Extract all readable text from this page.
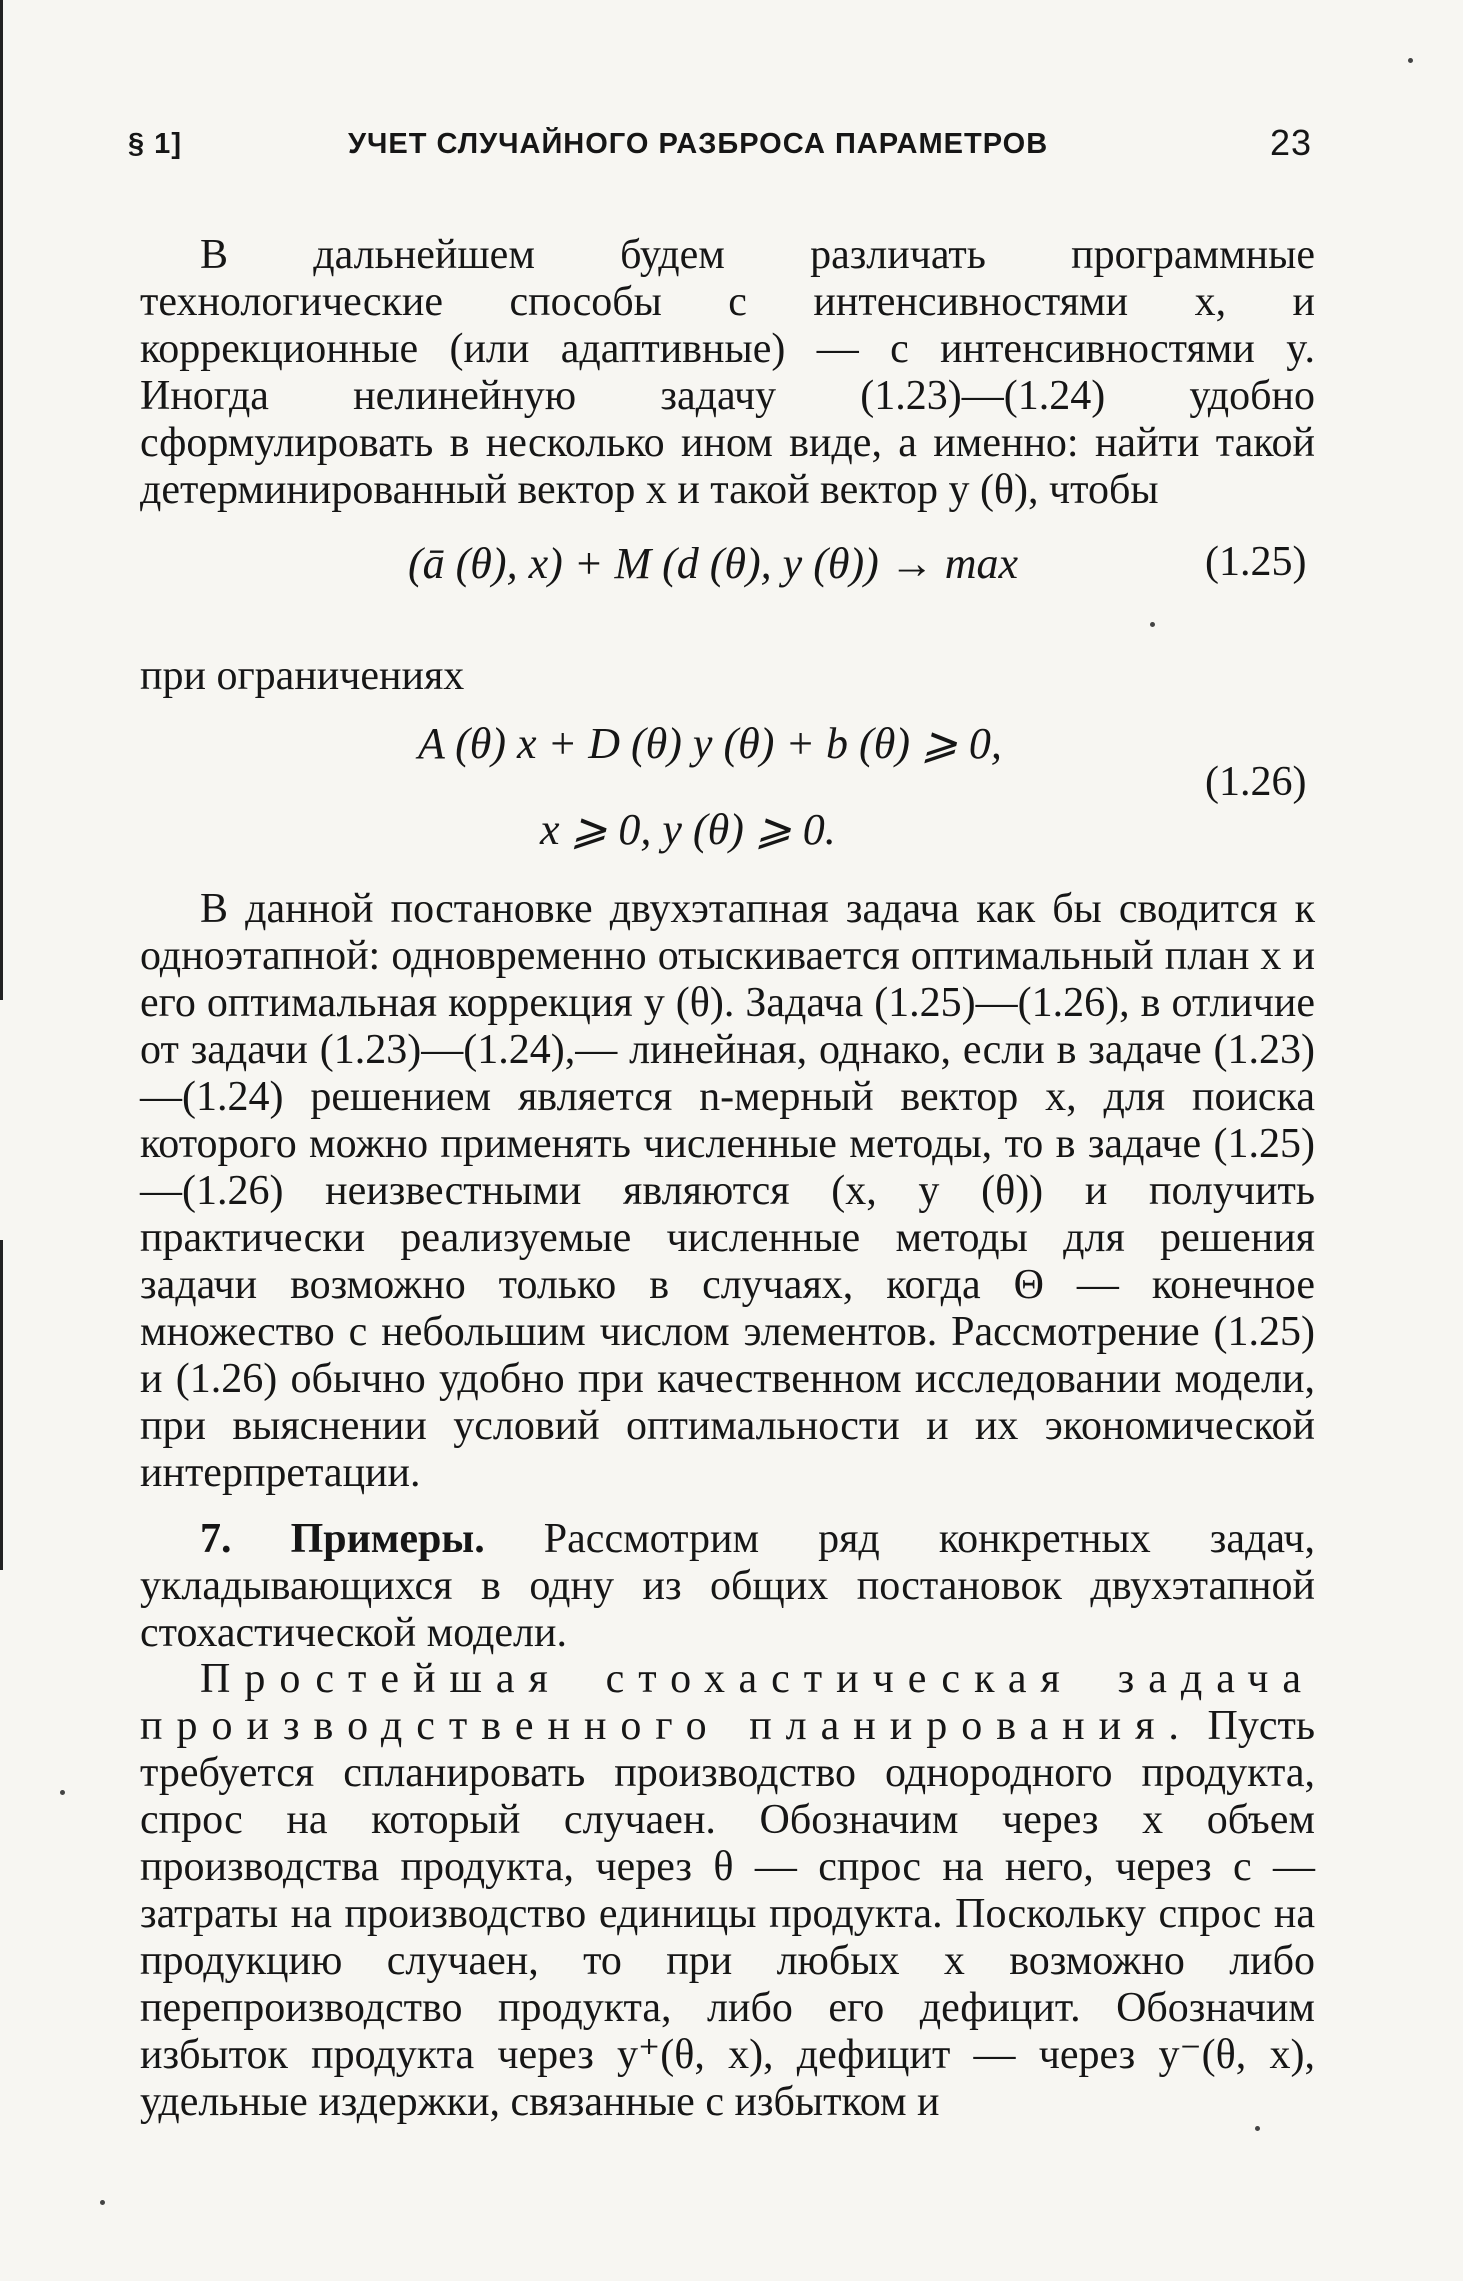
§ 1]	УЧЕТ СЛУЧАЙНОГО РАЗБРОСА ПАРАМЕТРОВ	23

В дальнейшем будем различать программные технологические способы с интенсивностями x, и коррекционные (или адаптивные) — с интенсивностями y. Иногда нелинейную задачу (1.23)—(1.24) удобно сформулировать в несколько ином виде, а именно: найти такой детерминированный вектор x и такой вектор y (θ), чтобы

(ā (θ), x) + M (d (θ), y (θ)) → max	(1.25)
при ограничениях
A (θ) x + D (θ) y (θ) + b (θ) ⩾ 0,
x ⩾ 0, y (θ) ⩾ 0.
(1.26)

В данной постановке двухэтапная задача как бы сводится к одноэтапной: одновременно отыскивается оптимальный план x и его оптимальная коррекция y (θ). Задача (1.25)—(1.26), в отличие от задачи (1.23)—(1.24),— линейная, однако, если в задаче (1.23)—(1.24) решением является n-мерный вектор x, для поиска которого можно применять численные методы, то в задаче (1.25)—(1.26) неизвестными являются (x, y (θ)) и получить практически реализуемые численные методы для решения задачи возможно только в случаях, когда Θ — конечное множество с небольшим числом элементов. Рассмотрение (1.25) и (1.26) обычно удобно при качественном исследовании модели, при выяснении условий оптимальности и их экономической интерпретации.

7. Примеры. Рассмотрим ряд конкретных задач, укладывающихся в одну из общих постановок двухэтапной стохастической модели.

Простейшая стохастическая задача производственного планирования. Пусть требуется спланировать производство однородного продукта, спрос на который случаен. Обозначим через x объем производства продукта, через θ — спрос на него, через c — затраты на производство единицы продукта. Поскольку спрос на продукцию случаен, то при любых x возможно либо перепроизводство продукта, либо его дефицит. Обозначим избыток продукта через y⁺(θ, x), дефицит — через y⁻(θ, x), удельные издержки, связанные с избытком и
